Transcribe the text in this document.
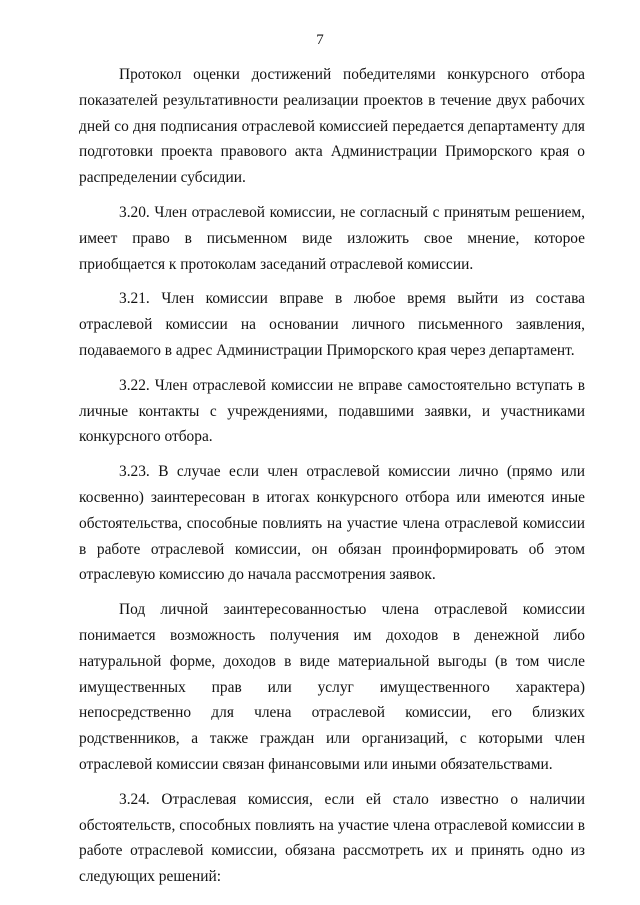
7

Протокол оценки достижений победителями конкурсного отбора показателей результативности реализации проектов в течение двух рабочих дней со дня подписания отраслевой комиссией передается департаменту для подготовки проекта правового акта Администрации Приморского края о распределении субсидии.

3.20. Член отраслевой комиссии, не согласный с принятым решением, имеет право в письменном виде изложить свое мнение, которое приобщается к протоколам заседаний отраслевой комиссии.

3.21. Член комиссии вправе в любое время выйти из состава отраслевой комиссии на основании личного письменного заявления, подаваемого в адрес Администрации Приморского края через департамент.

3.22. Член отраслевой комиссии не вправе самостоятельно вступать в личные контакты с учреждениями, подавшими заявки, и участниками конкурсного отбора.

3.23. В случае если член отраслевой комиссии лично (прямо или косвенно) заинтересован в итогах конкурсного отбора или имеются иные обстоятельства, способные повлиять на участие члена отраслевой комиссии в работе отраслевой комиссии, он обязан проинформировать об этом отраслевую комиссию до начала рассмотрения заявок.

Под личной заинтересованностью члена отраслевой комиссии понимается возможность получения им доходов в денежной либо натуральной форме, доходов в виде материальной выгоды (в том числе имущественных прав или услуг имущественного характера) непосредственно для члена отраслевой комиссии, его близких родственников, а также граждан или организаций, с которыми член отраслевой комиссии связан финансовыми или иными обязательствами.

3.24. Отраслевая комиссия, если ей стало известно о наличии обстоятельств, способных повлиять на участие члена отраслевой комиссии в работе отраслевой комиссии, обязана рассмотреть их и принять одно из следующих решений:
